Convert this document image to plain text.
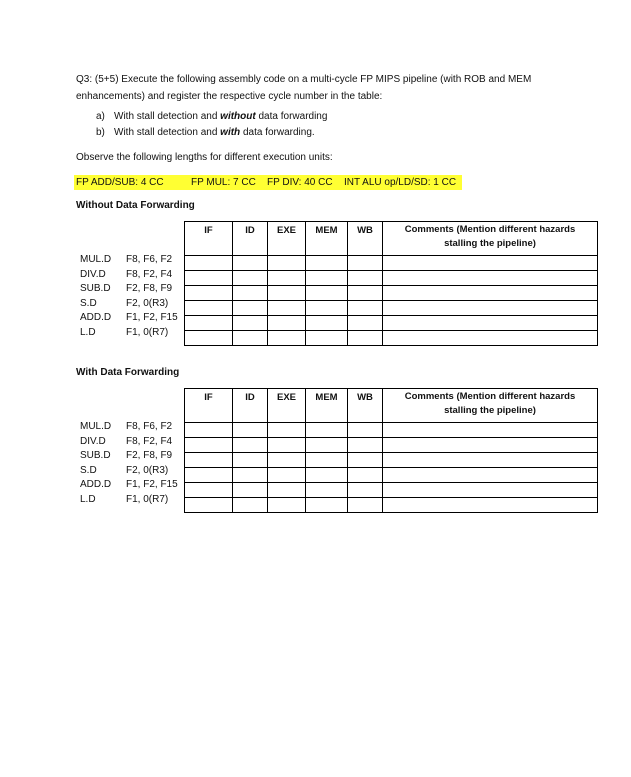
Q3: (5+5) Execute the following assembly code on a multi-cycle FP MIPS pipeline (with ROB and MEM
enhancements) and register the respective cycle number in the table:
a) With stall detection and without data forwarding
b) With stall detection and with data forwarding.
Observe the following lengths for different execution units:
FP ADD/SUB: 4 CC	FP MUL: 7 CC FP DIV: 40 CC INT ALU op/LD/SD: 1 CC
Without Data Forwarding
IF	ID	EXE	MEM	WB	Comments (Mention different hazards
stalling the pipeline)

MUL.D F8, F6, F2
DIV.D F8, F2, F4
SUB.D F2, F8, F9
S.D	F2, 0(R3)
ADD.D F1, F2, F15
L.D	F1, 0(R7)
With Data Forwarding
IF	ID	EXE	MEM	WB	Comments (Mention different hazards
stalling the pipeline)

MUL.D F8, F6, F2
DIV.D F8, F2, F4
SUB.D F2, F8, F9
S.D	F2, 0(R3)
ADD.D F1, F2, F15
L.D	F1, 0(R7)
